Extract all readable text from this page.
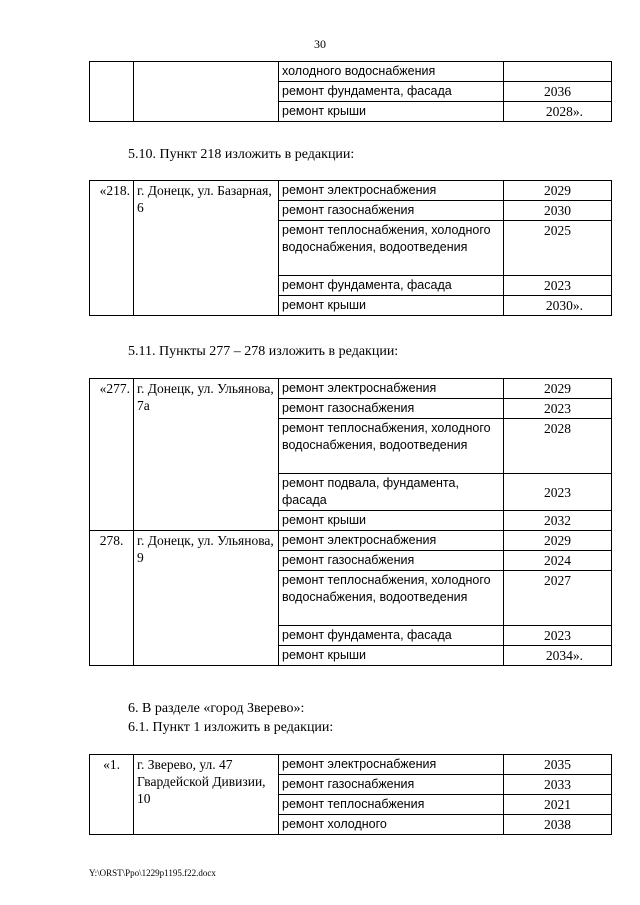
30
		холодного водоснабжения	
		ремонт фундамента, фасада	2036
		ремонт крыши	2028».
5.10. Пункт 218 изложить в редакции:
«218.	г. Донецк, ул. Базарная, 6	ремонт электроснабжения	2029
		ремонт газоснабжения	2030
		ремонт теплоснабжения, холодного водоснабжения, водоотведения	2025
		ремонт фундамента, фасада	2023
		ремонт крыши	2030».
5.11. Пункты 277 – 278 изложить в редакции:
«277.	г. Донецк, ул. Ульянова, 7а	ремонт электроснабжения	2029
		ремонт газоснабжения	2023
		ремонт теплоснабжения, холодного водоснабжения, водоотведения	2028
		ремонт подвала, фундамента, фасада	2023
		ремонт крыши	2032
278.	г. Донецк, ул. Ульянова, 9	ремонт электроснабжения	2029
		ремонт газоснабжения	2024
		ремонт теплоснабжения, холодного водоснабжения, водоотведения	2027
		ремонт фундамента, фасада	2023
		ремонт крыши	2034».
6. В разделе «город Зверево»:
6.1. Пункт 1 изложить в редакции:
«1.	г. Зверево, ул. 47 Гвардейской Дивизии, 10	ремонт электроснабжения	2035
		ремонт газоснабжения	2033
		ремонт теплоснабжения	2021
		ремонт холодного	2038
Y:\ORST\Ppo\1229p1195.f22.docx
